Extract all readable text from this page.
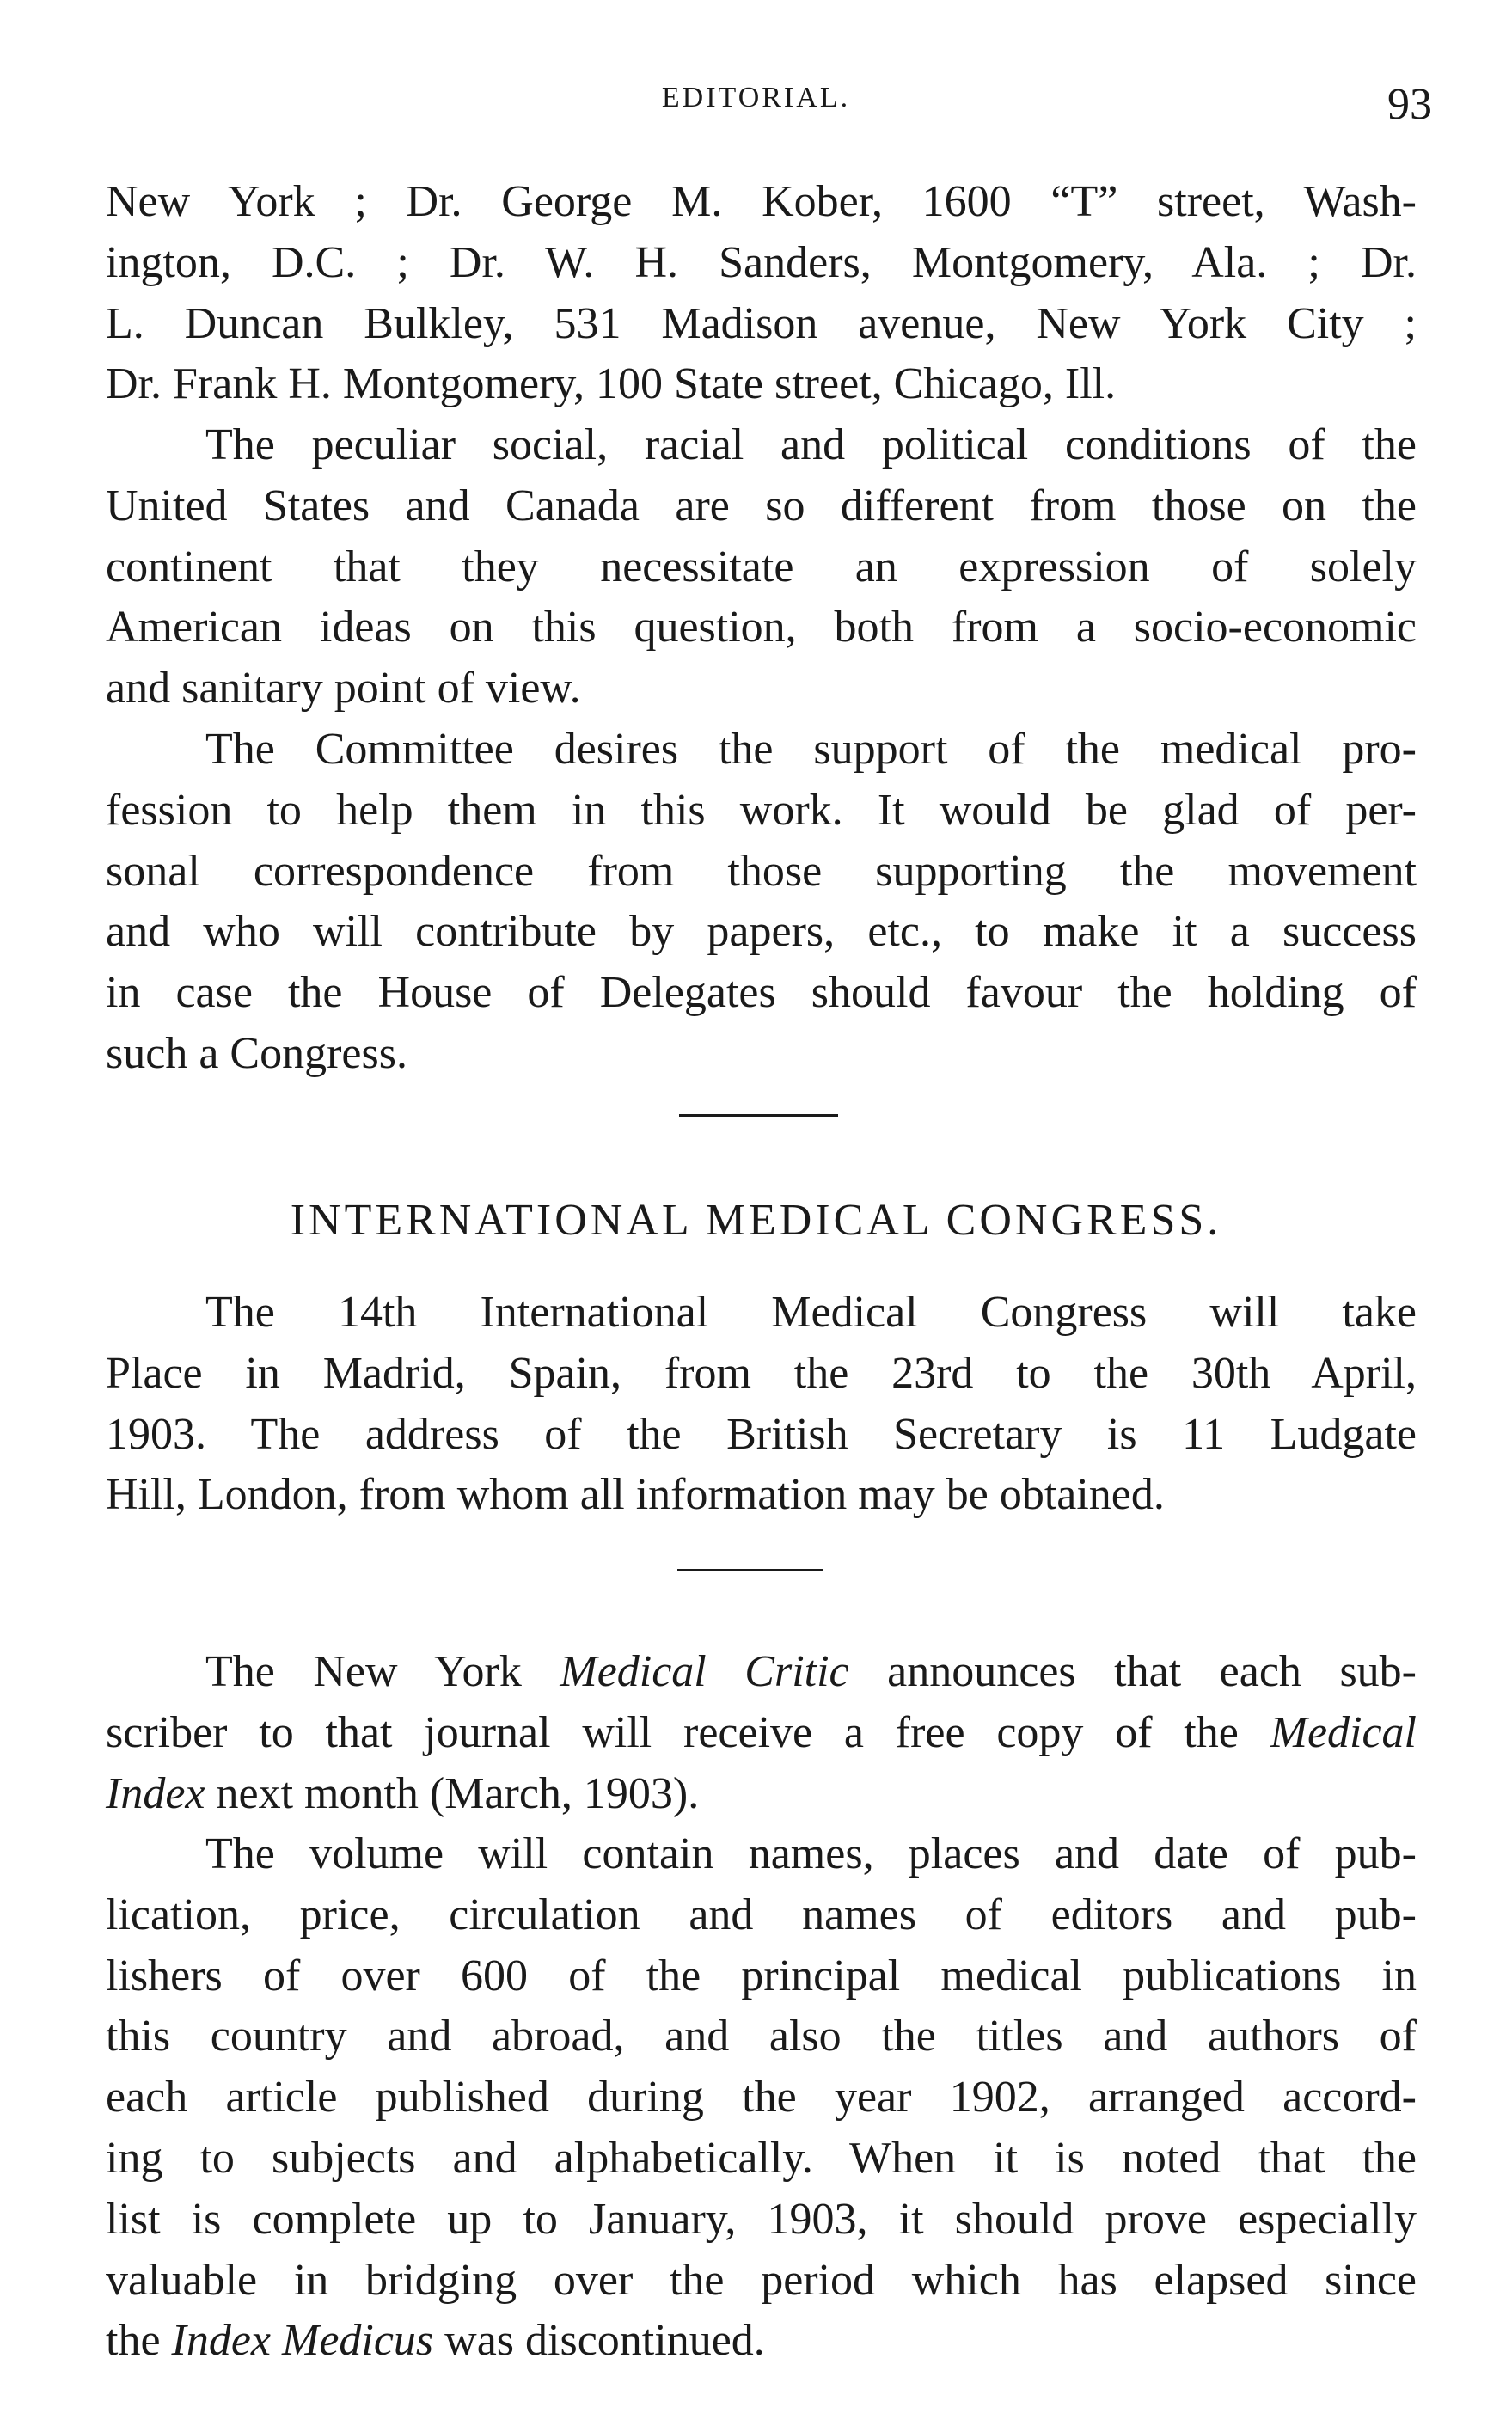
EDITORIAL.	93
New York ; Dr. George M. Kober, 1600 “T” street, Wash-
ington, D.C. ; Dr. W. H. Sanders, Montgomery, Ala. ; Dr.
L. Duncan Bulkley, 531 Madison avenue, New York City ;
Dr. Frank H. Montgomery, 100 State street, Chicago, Ill.
The peculiar social, racial and political conditions of the
United States and Canada are so different from those on the
continent that they necessitate an expression of solely
American ideas on this question, both from a socio-economic
and sanitary point of view.
The Committee desires the support of the medical pro-
fession to help them in this work. It would be glad of per-
sonal correspondence from those supporting the movement
and who will contribute by papers, etc., to make it a success
in case the House of Delegates should favour the holding of
such a Congress.
INTERNATIONAL MEDICAL CONGRESS.
The 14th International Medical Congress will take
Place in Madrid, Spain, from the 23rd to the 30th April,
1903. The address of the British Secretary is 11 Ludgate
Hill, London, from whom all information may be obtained.
The New York Medical Critic announces that each sub-
scriber to that journal will receive a free copy of the Medical
Index next month (March, 1903).
The volume will contain names, places and date of pub-
lication, price, circulation and names of editors and pub-
lishers of over 600 of the principal medical publications in
this country and abroad, and also the titles and authors of
each article published during the year 1902, arranged accord-
ing to subjects and alphabetically. When it is noted that the
list is complete up to January, 1903, it should prove especially
valuable in bridging over the period which has elapsed since
the Index Medicus was discontinued.
